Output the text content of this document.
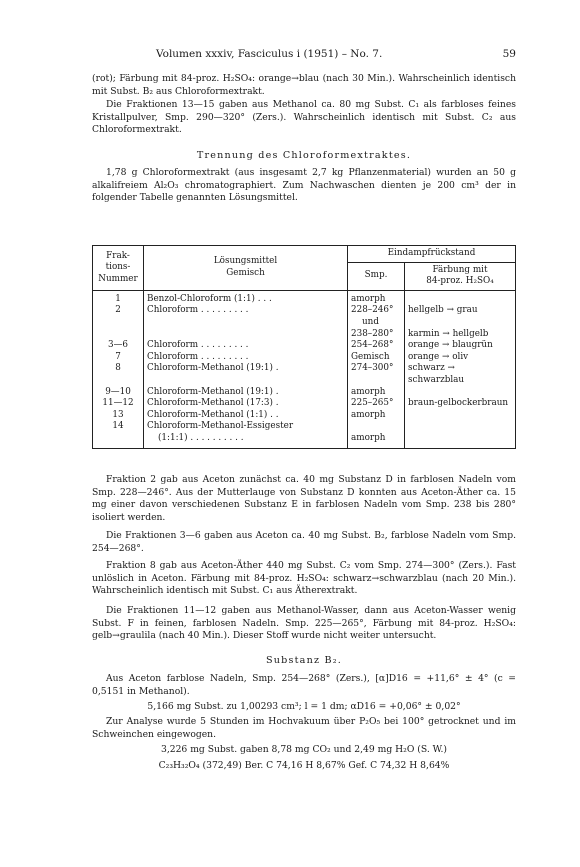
Volumen xxxiv, Fasciculus i (1951) – No. 7.	59
(rot); Färbung mit 84-proz. H₂SO₄: orange→blau (nach 30 Min.). Wahrscheinlich identisch mit Subst. B₂ aus Chloroformextrakt.
Die Fraktionen 13—15 gaben aus Methanol ca. 80 mg Subst. C₁ als farbloses feines Kristallpulver, Smp. 290—320° (Zers.). Wahrscheinlich identisch mit Subst. C₂ aus Chloroformextrakt.
Trennung des Chloroformextraktes.
1,78 g Chloroformextrakt (aus insgesamt 2,7 kg Pflanzenmaterial) wurden an 50 g alkalifreiem Al₂O₃ chromatographiert. Zum Nachwaschen dienten je 200 cm³ der in folgender Tabelle genannten Lösungsmittel.
Frak-
tions-
Nummer	Lösungsmittel
Gemisch	Eindampfrückstand	
		Smp.	Färbung mit
84-proz. H₂SO₄
1	Benzol-Chloroform (1:1) . . .	amorph	
2	Chloroform . . . . . . . . .	228–246°	hellgelb → grau
		und	
		238–280°	karmin → hellgelb
3—6	Chloroform . . . . . . . . .	254–268°	orange → blaugrün
7	Chloroform . . . . . . . . .	Gemisch	orange → oliv
8	Chloroform-Methanol (19:1) .	274–300°	schwarz → schwarzblau
9—10	Chloroform-Methanol (19:1) .	amorph	
11—12	Chloroform-Methanol (17:3) .	225–265°	braun-gelbockerbraun
13	Chloroform-Methanol (1:1) . .	amorph	
14	Chloroform-Methanol-Essigester		
	(1:1:1) . . . . . . . . . .	amorph	
Fraktion 2 gab aus Aceton zunächst ca. 40 mg Substanz D in farblosen Nadeln vom Smp. 228—246°. Aus der Mutterlauge von Substanz D konnten aus Aceton-Äther ca. 15 mg einer davon verschiedenen Substanz E in farblosen Nadeln vom Smp. 238 bis 280° isoliert werden.
Die Fraktionen 3—6 gaben aus Aceton ca. 40 mg Subst. B₂, farblose Nadeln vom Smp. 254—268°.
Fraktion 8 gab aus Aceton-Äther 440 mg Subst. C₂ vom Smp. 274—300° (Zers.). Fast unlöslich in Aceton. Färbung mit 84-proz. H₂SO₄: schwarz→schwarzblau (nach 20 Min.). Wahrscheinlich identisch mit Subst. C₁ aus Ätherextrakt.
Die Fraktionen 11—12 gaben aus Methanol-Wasser, dann aus Aceton-Wasser wenig Subst. F in feinen, farblosen Nadeln. Smp. 225—265°, Färbung mit 84-proz. H₂SO₄: gelb→graulila (nach 40 Min.). Dieser Stoff wurde nicht weiter untersucht.
Substanz B₂.
Aus Aceton farblose Nadeln, Smp. 254—268° (Zers.), [α]D16 = +11,6° ± 4° (c = 0,5151 in Methanol).
5,166 mg Subst. zu 1,00293 cm³; l = 1 dm; αD16 = +0,06° ± 0,02°
Zur Analyse wurde 5 Stunden im Hochvakuum über P₂O₅ bei 100° getrocknet und im Schweinchen eingewogen.
3,226 mg Subst. gaben 8,78 mg CO₂ und 2,49 mg H₂O (S. W.)
C₂₃H₃₂O₄ (372,49) Ber. C 74,16 H 8,67% Gef. C 74,32 H 8,64%
